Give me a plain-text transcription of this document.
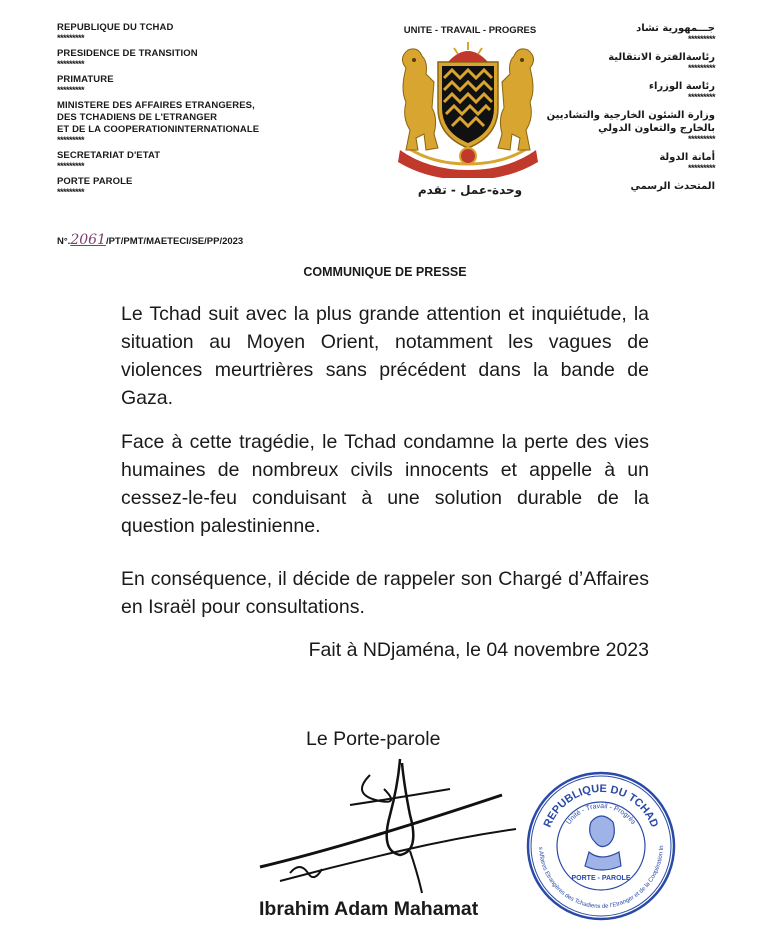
REPUBLIQUE DU TCHAD
*********
PRESIDENCE DE TRANSITION
*********
PRIMATURE
*********
MINISTERE DES AFFAIRES ETRANGERES,
DES TCHADIENS DE L'ETRANGER
ET DE LA COOPERATIONINTERNATIONALE
*********
SECRETARIAT D'ETAT
*********
PORTE PAROLE
*********
UNITE - TRAVAIL - PROGRES
وحدة-عمل - تقدم
جـــمهورية تشاد
*********
رئاسةالفترة الانتقالية
*********
رئاسة الوزراء
*********
وزارة الشئون الخارجية والتشاديين
بالخارج والتعاون الدولي
*********
أمانة الدولة
*********
المتحدث الرسمي
N°.2061/PT/PMT/MAETECI/SE/PP/2023
COMMUNIQUE DE PRESSE
Le Tchad suit avec la plus grande attention et inquiétude, la situation au Moyen Orient, notamment les vagues de violences meurtrières sans précédent dans la bande de Gaza.
Face à cette tragédie, le Tchad condamne la perte des vies humaines de nombreux civils innocents et appelle à un cessez-le-feu conduisant à une solution durable de la question palestinienne.
En conséquence, il décide de rappeler son Chargé d’Affaires en Israël pour consultations.
Fait à NDjaména, le 04 novembre 2023
Le Porte-parole
Ibrahim Adam Mahamat
REPUBLIQUE DU TCHAD
Unité - Travail - Progrès
s Affaires Etrangères des Tchadiens de l’Etranger et de la Coopération In
PORTE - PAROLE
